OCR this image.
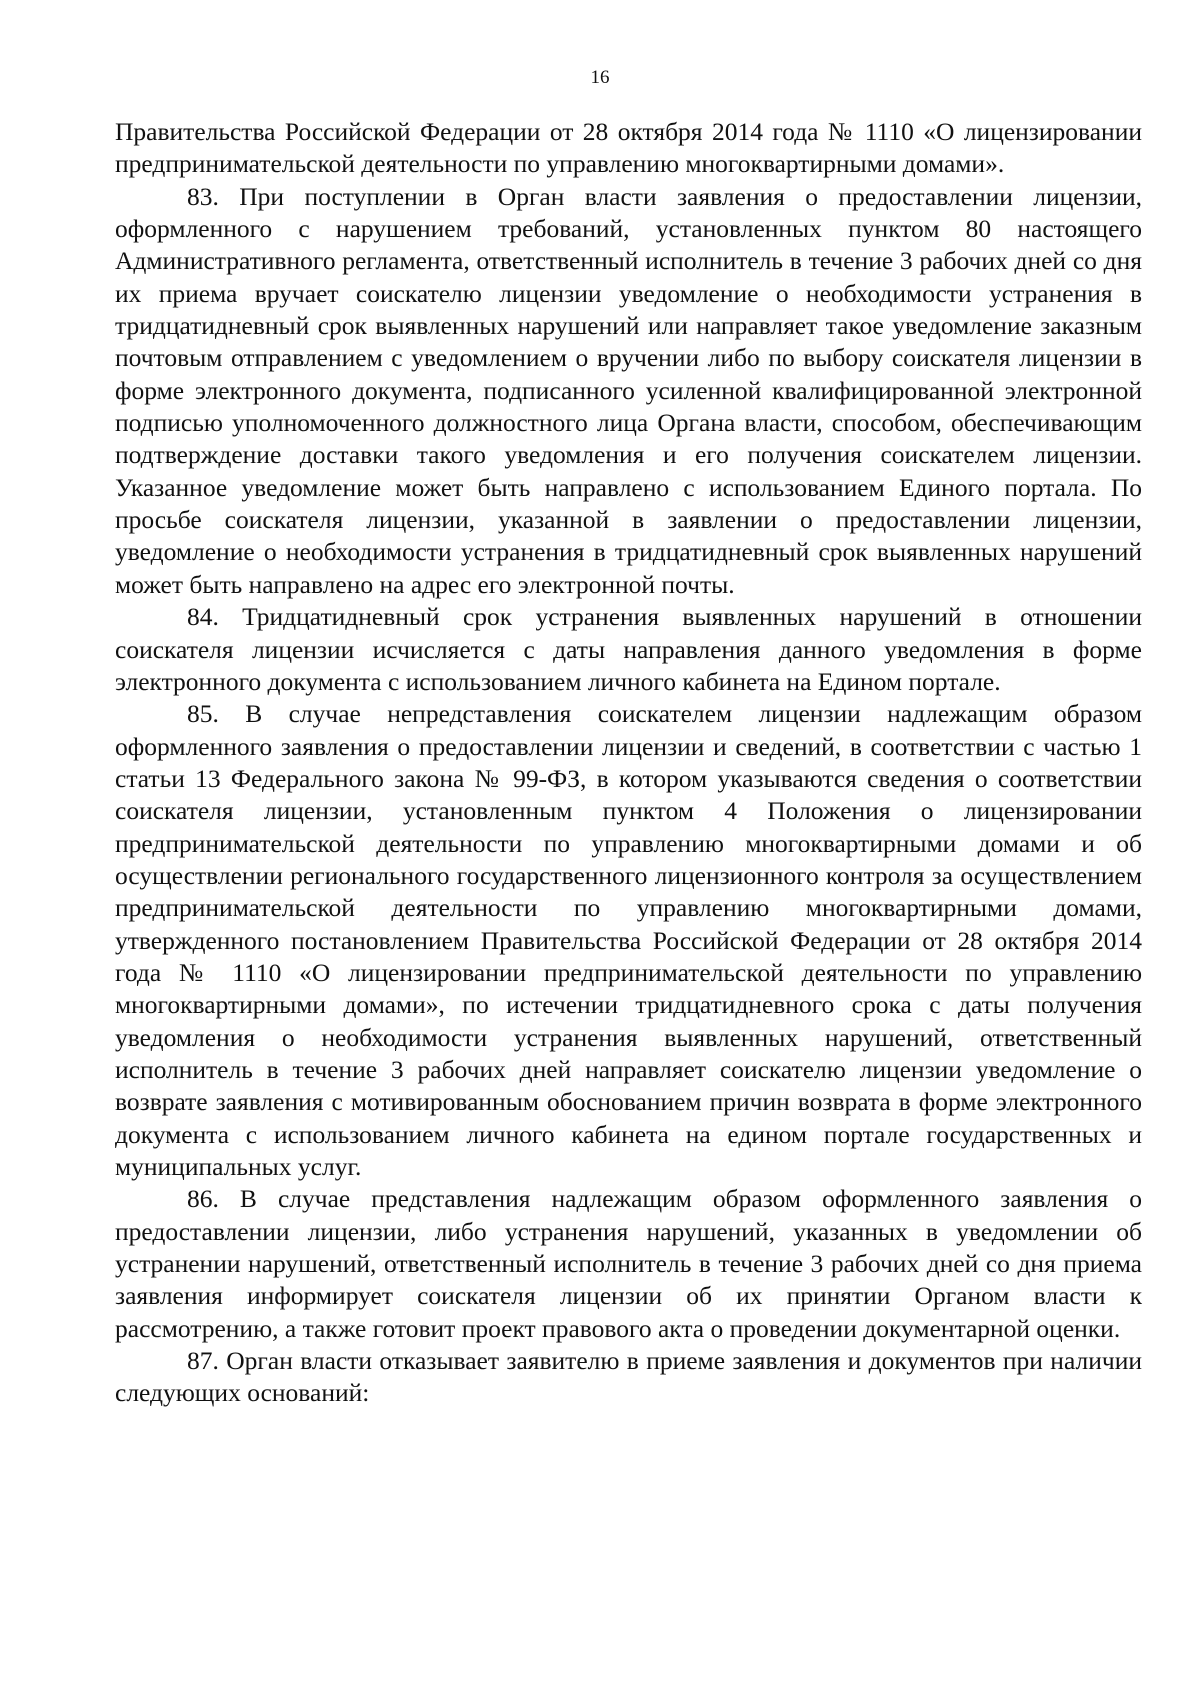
16

Правительства Российской Федерации от 28 октября 2014 года № 1110 «О лицензировании предпринимательской деятельности по управлению многоквартирными домами».

83. При поступлении в Орган власти заявления о предоставлении лицензии, оформленного с нарушением требований, установленных пунктом 80 настоящего Административного регламента, ответственный исполнитель в течение 3 рабочих дней со дня их приема вручает соискателю лицензии уведомление о необходимости устранения в тридцатидневный срок выявленных нарушений или направляет такое уведомление заказным почтовым отправлением с уведомлением о вручении либо по выбору соискателя лицензии в форме электронного документа, подписанного усиленной квалифицированной электронной подписью уполномоченного должностного лица Органа власти, способом, обеспечивающим подтверждение доставки такого уведомления и его получения соискателем лицензии. Указанное уведомление может быть направлено с использованием Единого портала. По просьбе соискателя лицензии, указанной в заявлении о предоставлении лицензии, уведомление о необходимости устранения в тридцатидневный срок выявленных нарушений может быть направлено на адрес его электронной почты.

84. Тридцатидневный срок устранения выявленных нарушений в отношении соискателя лицензии исчисляется с даты направления данного уведомления в форме электронного документа с использованием личного кабинета на Едином портале.

85. В случае непредставления соискателем лицензии надлежащим образом оформленного заявления о предоставлении лицензии и сведений, в соответствии с частью 1 статьи 13 Федерального закона № 99-ФЗ, в котором указываются сведения о соответствии соискателя лицензии, установленным пунктом 4 Положения о лицензировании предпринимательской деятельности по управлению многоквартирными домами и об осуществлении регионального государственного лицензионного контроля за осуществлением предпринимательской деятельности по управлению многоквартирными домами, утвержденного постановлением Правительства Российской Федерации от 28 октября 2014 года № 1110 «О лицензировании предпринимательской деятельности по управлению многоквартирными домами», по истечении тридцатидневного срока с даты получения уведомления о необходимости устранения выявленных нарушений, ответственный исполнитель в течение 3 рабочих дней направляет соискателю лицензии уведомление о возврате заявления с мотивированным обоснованием причин возврата в форме электронного документа с использованием личного кабинета на едином портале государственных и муниципальных услуг.

86. В случае представления надлежащим образом оформленного заявления о предоставлении лицензии, либо устранения нарушений, указанных в уведомлении об устранении нарушений, ответственный исполнитель в течение 3 рабочих дней со дня приема заявления информирует соискателя лицензии об их принятии Органом власти к рассмотрению, а также готовит проект правового акта о проведении документарной оценки.

87. Орган власти отказывает заявителю в приеме заявления и документов при наличии следующих оснований:
